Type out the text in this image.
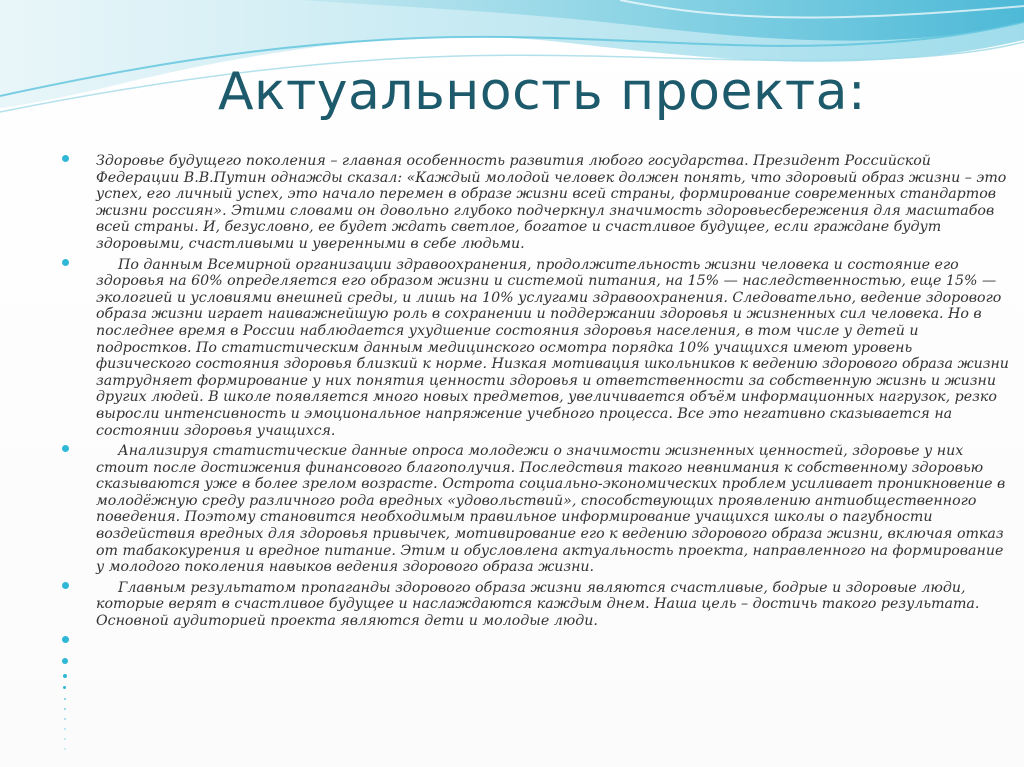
Актуальность проекта:
Здоровье будущего поколения – главная особенность развития любого государства. Президент Российской Федерации В.В.Путин однажды сказал: «Каждый молодой человек должен понять, что здоровый образ жизни – это успех, его личный успех, это начало перемен в образе жизни всей страны, формирование современных стандартов жизни россиян». Этими словами он довольно глубоко подчеркнул значимость здоровьесбережения для масштабов всей страны. И, безусловно, ее будет ждать светлое, богатое и счастливое будущее, если граждане будут здоровыми, счастливыми и уверенными в себе людьми.
По данным Всемирной организации здравоохранения, продолжительность жизни человека и состояние его здоровья на 60% определяется его образом жизни и системой питания, на 15% — наследственностью, еще 15% — экологией и условиями внешней среды, и лишь на 10% услугами здравоохранения. Следовательно, ведение здорового образа жизни играет наиважнейшую роль в сохранении и поддержании здоровья и жизненных сил человека. Но в последнее время в России наблюдается ухудшение состояния здоровья населения, в том числе у детей и подростков. По статистическим данным медицинского осмотра порядка 10% учащихся имеют уровень физического состояния здоровья близкий к норме. Низкая мотивация школьников к ведению здорового образа жизни затрудняет формирование у них понятия ценности здоровья и ответственности за собственную жизнь и жизни других людей. В школе появляется много новых предметов, увеличивается объём информационных нагрузок, резко выросли интенсивность и эмоциональное напряжение учебного процесса. Все это негативно сказывается на состоянии здоровья учащихся.
Анализируя статистические данные опроса молодежи о значимости жизненных ценностей, здоровье у них стоит после достижения финансового благополучия. Последствия такого невнимания к собственному здоровью сказываются уже в более зрелом возрасте. Острота социально-экономических проблем усиливает проникновение в молодёжную среду различного рода вредных «удовольствий», способствующих проявлению антиобщественного поведения. Поэтому становится необходимым правильное информирование учащихся школы о пагубности воздействия вредных для здоровья привычек, мотивирование его к ведению здорового образа жизни, включая отказ от табакокурения и вредное питание. Этим и обусловлена актуальность проекта, направленного на формирование у молодого поколения навыков ведения здорового образа жизни.
Главным результатом пропаганды здорового образа жизни являются счастливые, бодрые и здоровые люди, которые верят в счастливое будущее и наслаждаются каждым днем. Наша цель – достичь такого результата. Основной аудиторией проекта являются дети и молодые люди.
